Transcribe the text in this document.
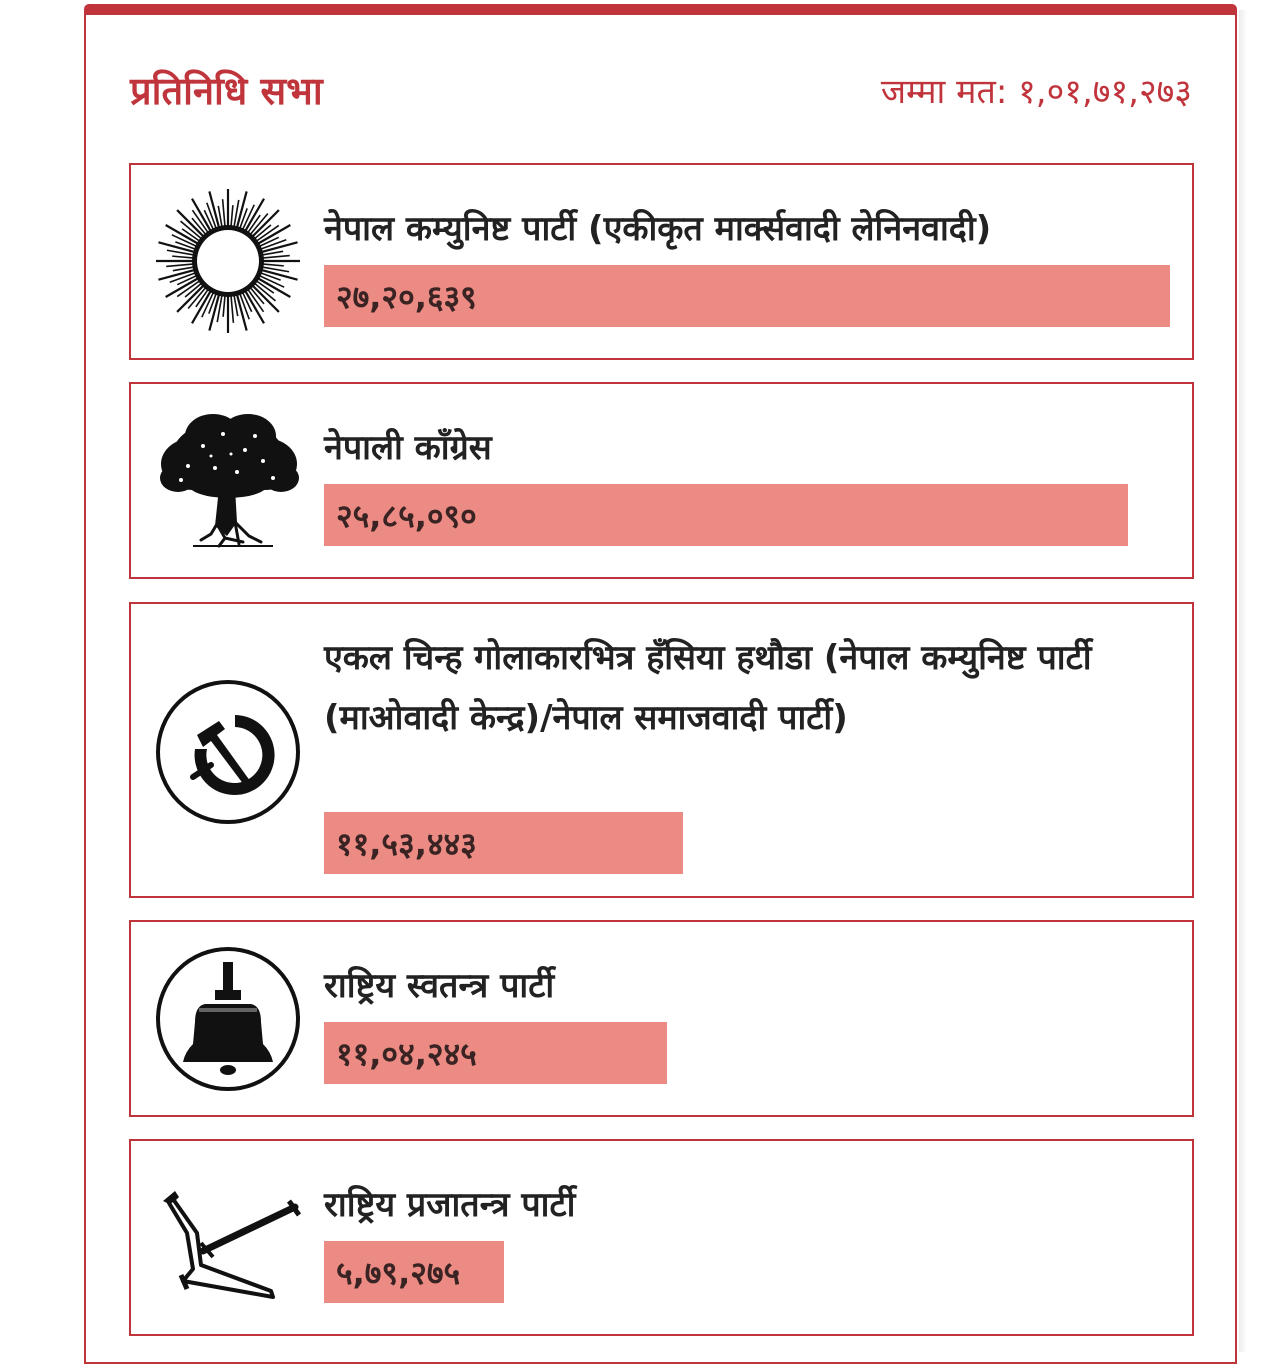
प्रतिनिधि सभा	जम्मा मत: १,०१,७१,२७३

नेपाल कम्युनिष्ट पार्टी (एकीकृत मार्क्सवादी लेनिनवादी)

२७,२०,६३९

नेपाली काँग्रेस

२५,८५,०९०

एकल चिन्ह गोलाकारभित्र हँसिया हथौडा (नेपाल कम्युनिष्ट पार्टी (माओवादी केन्द्र)/नेपाल समाजवादी पार्टी)

११,५३,४४३

राष्ट्रिय स्वतन्त्र पार्टी

११,०४,२४५

राष्ट्रिय प्रजातन्त्र पार्टी

५,७९,२७५
